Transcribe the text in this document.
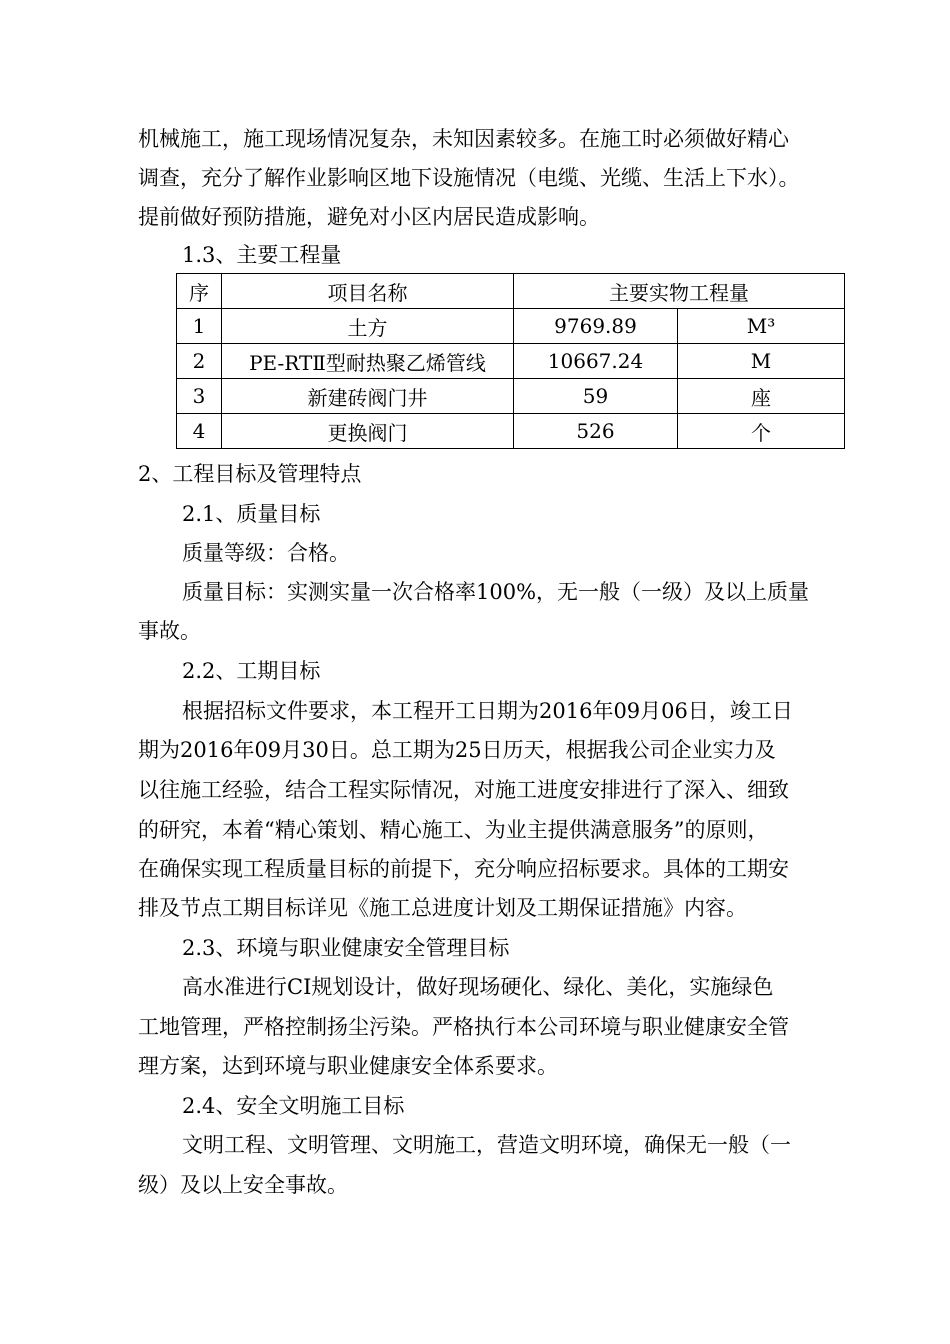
机械施工，施工现场情况复杂，未知因素较多。在施工时必须做好精心
调查，充分了解作业影响区地下设施情况（电缆、光缆、生活上下水）。
提前做好预防措施，避免对小区内居民造成影响。
1.3、主要工程量
序	项目名称	主要实物工程量	
1	土方	9769.89	M³
2	PE-RTⅡ型耐热聚乙烯管线	10667.24	M
3	新建砖阀门井	59	座
4	更换阀门	526	个
2、工程目标及管理特点
2.1、质量目标
质量等级：合格。
质量目标：实测实量一次合格率100%，无一般（一级）及以上质量
事故。
2.2、工期目标
根据招标文件要求，本工程开工日期为2016年09月06日，竣工日
期为2016年09月30日。总工期为25日历天，根据我公司企业实力及
以往施工经验，结合工程实际情况，对施工进度安排进行了深入、细致
的研究，本着“精心策划、精心施工、为业主提供满意服务”的原则，
在确保实现工程质量目标的前提下，充分响应招标要求。具体的工期安
排及节点工期目标详见《施工总进度计划及工期保证措施》内容。
2.3、环境与职业健康安全管理目标
高水准进行CI规划设计，做好现场硬化、绿化、美化，实施绿色
工地管理，严格控制扬尘污染。严格执行本公司环境与职业健康安全管
理方案，达到环境与职业健康安全体系要求。
2.4、安全文明施工目标
文明工程、文明管理、文明施工，营造文明环境，确保无一般（一
级）及以上安全事故。
